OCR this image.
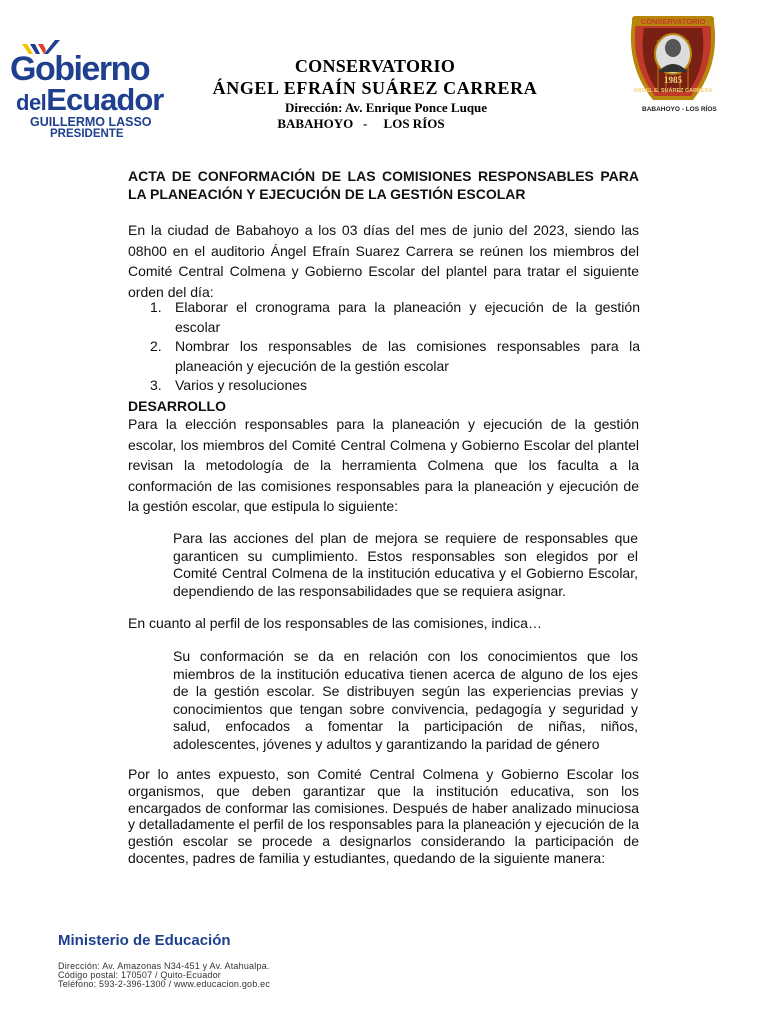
Gobierno
delEcuador
GUILLERMO LASSO
PRESIDENTE
CONSERVATORIO
ÁNGEL EFRAÍN SUÁREZ CARRERA
Dirección: Av. Enrique Ponce Luque
BABAHOYO   -     LOS RÍOS
CONSERVATORIO
1985
ÁNGEL E. SUÁREZ CARRERA
BABAHOYO - LOS RÍOS
ACTA DE CONFORMACIÓN DE LAS COMISIONES RESPONSABLES PARA LA PLANEACIÓN Y EJECUCIÓN DE LA GESTIÓN ESCOLAR
En la ciudad de Babahoyo a los 03 días del mes de junio del 2023, siendo las 08h00 en el auditorio Ángel Efraín Suarez Carrera se reúnen los miembros del Comité Central Colmena y Gobierno Escolar del plantel para tratar el siguiente orden del día:
1. Elaborar el cronograma para la planeación y ejecución de la gestión escolar
2. Nombrar los responsables de las comisiones responsables para la planeación y ejecución de la gestión escolar
3. Varios y resoluciones
DESARROLLO
Para la elección responsables para la planeación y ejecución de la gestión escolar, los miembros del Comité Central Colmena y Gobierno Escolar del plantel revisan la metodología de la herramienta Colmena que los faculta a la conformación de las comisiones responsables para la planeación y ejecución de la gestión escolar, que estipula lo siguiente:
Para las acciones del plan de mejora se requiere de responsables que garanticen su cumplimiento. Estos responsables son elegidos por el Comité Central Colmena de la institución educativa y el Gobierno Escolar, dependiendo de las responsabilidades que se requiera asignar.
En cuanto al perfil de los responsables de las comisiones, indica…
Su conformación se da en relación con los conocimientos que los miembros de la institución educativa tienen acerca de alguno de los ejes de la gestión escolar. Se distribuyen según las experiencias previas y conocimientos que tengan sobre convivencia, pedagogía y seguridad y salud, enfocados a fomentar la participación de niñas, niños, adolescentes, jóvenes y adultos y garantizando la paridad de género
Por lo antes expuesto, son Comité Central Colmena y Gobierno Escolar los organismos, que deben garantizar que la institución educativa, son los encargados de conformar las comisiones. Después de haber analizado minuciosa y detalladamente el perfil de los responsables para la planeación y ejecución de la gestión escolar se procede a designarlos considerando la participación de docentes, padres de familia y estudiantes, quedando de la siguiente manera:
Ministerio de Educación
Dirección: Av. Amazonas N34-451 y Av. Atahualpa.
Código postal: 170507 / Quito-Ecuador
Teléfono: 593-2-396-1300 / www.educacion.gob.ec
